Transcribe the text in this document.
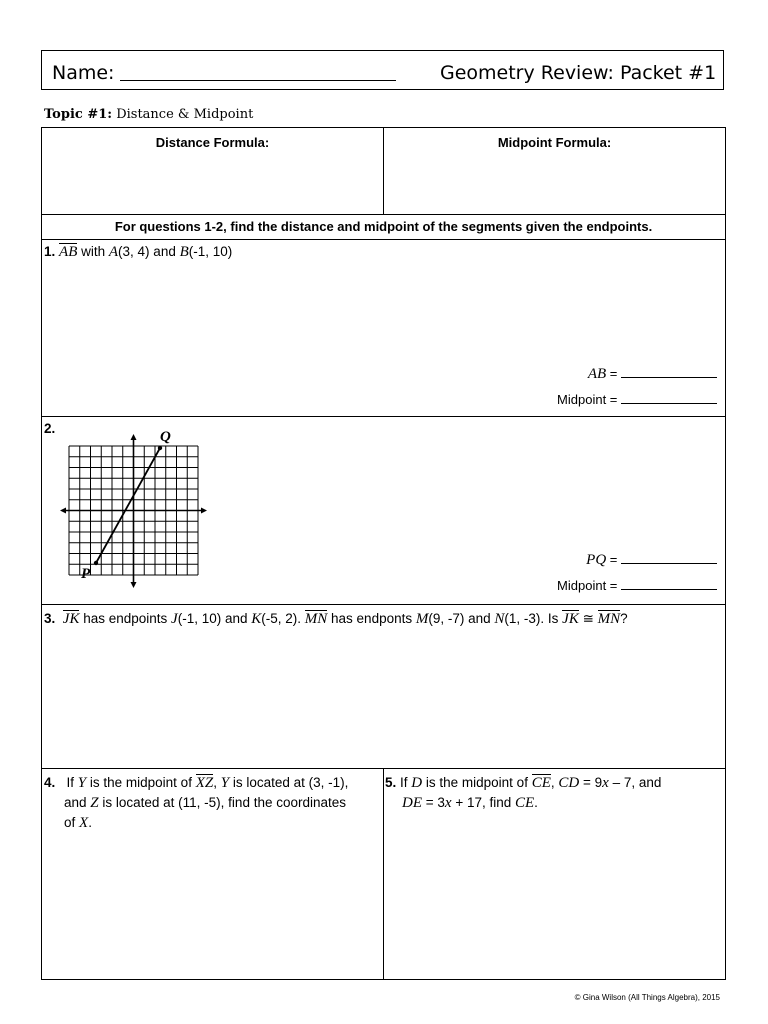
Name:	Geometry Review: Packet #1
Topic #1: Distance & Midpoint
Distance Formula:	Midpoint Formula:
For questions 1-2, find the distance and midpoint of the segments given the endpoints.
1. AB with A(3, 4) and B(-1, 10)
AB =
Midpoint =
2.
Q
P
PQ =
Midpoint =
3. JK has endpoints J(-1, 10) and K(-5, 2). MN has endponts M(9, -7) and N(1, -3). Is JK ≅ MN?
4. If Y is the midpoint of XZ, Y is located at (3, -1),
and Z is located at (11, -5), find the coordinates
of X.
5. If D is the midpoint of CE, CD = 9x – 7, and
DE = 3x + 17, find CE.
© Gina Wilson (All Things Algebra), 2015
